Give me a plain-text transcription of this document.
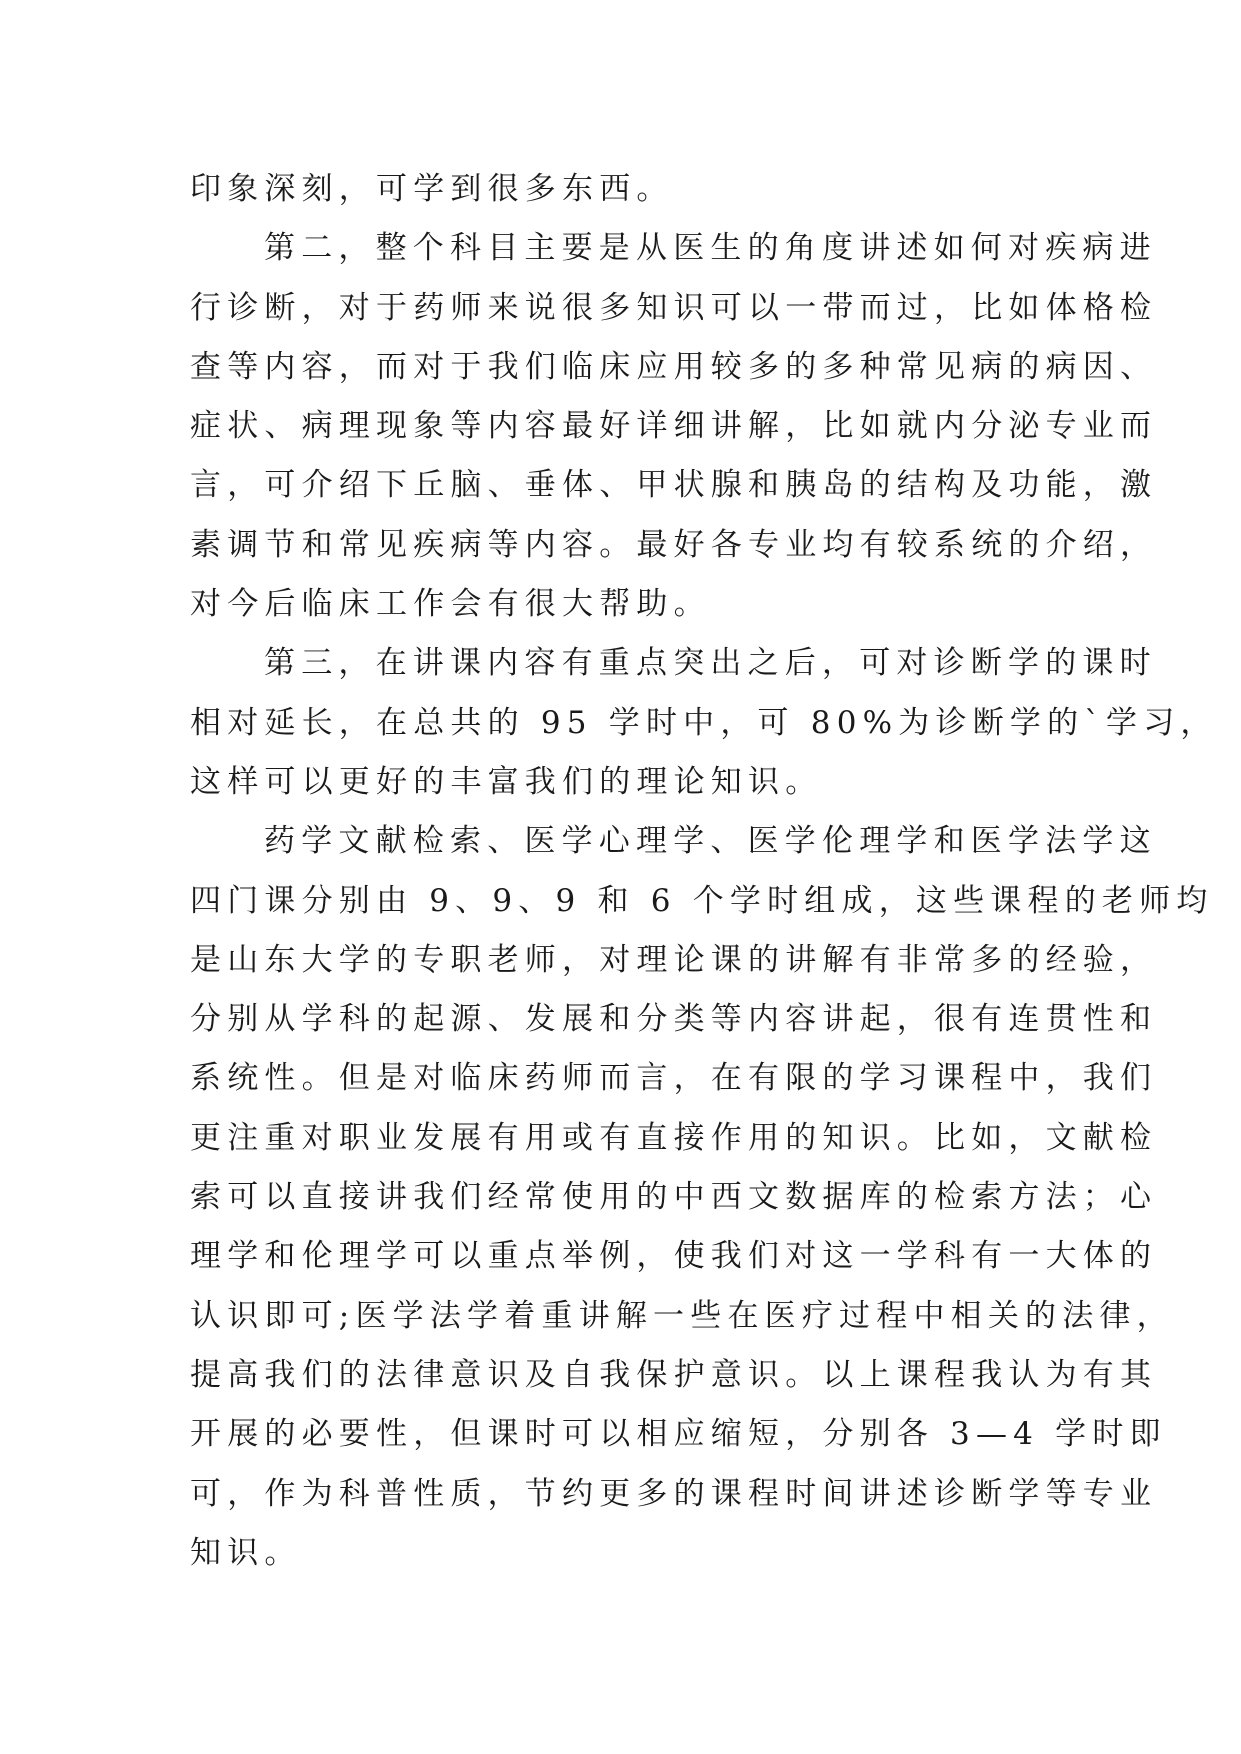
印象深刻，可学到很多东西。
第二，整个科目主要是从医生的角度讲述如何对疾病进
行诊断，对于药师来说很多知识可以一带而过，比如体格检
查等内容，而对于我们临床应用较多的多种常见病的病因、
症状、病理现象等内容最好详细讲解，比如就内分泌专业而
言，可介绍下丘脑、垂体、甲状腺和胰岛的结构及功能，激
素调节和常见疾病等内容。最好各专业均有较系统的介绍，
对今后临床工作会有很大帮助。
第三，在讲课内容有重点突出之后，可对诊断学的课时
相对延长，在总共的 95 学时中，可 80%为诊断学的`学习，
这样可以更好的丰富我们的理论知识。
药学文献检索、医学心理学、医学伦理学和医学法学这
四门课分别由 9、9、9 和 6 个学时组成，这些课程的老师均
是山东大学的专职老师，对理论课的讲解有非常多的经验，
分别从学科的起源、发展和分类等内容讲起，很有连贯性和
系统性。但是对临床药师而言，在有限的学习课程中，我们
更注重对职业发展有用或有直接作用的知识。比如，文献检
索可以直接讲我们经常使用的中西文数据库的检索方法；心
理学和伦理学可以重点举例，使我们对这一学科有一大体的
认识即可;医学法学着重讲解一些在医疗过程中相关的法律，
提高我们的法律意识及自我保护意识。以上课程我认为有其
开展的必要性，但课时可以相应缩短，分别各 3—4 学时即
可，作为科普性质，节约更多的课程时间讲述诊断学等专业
知识。
